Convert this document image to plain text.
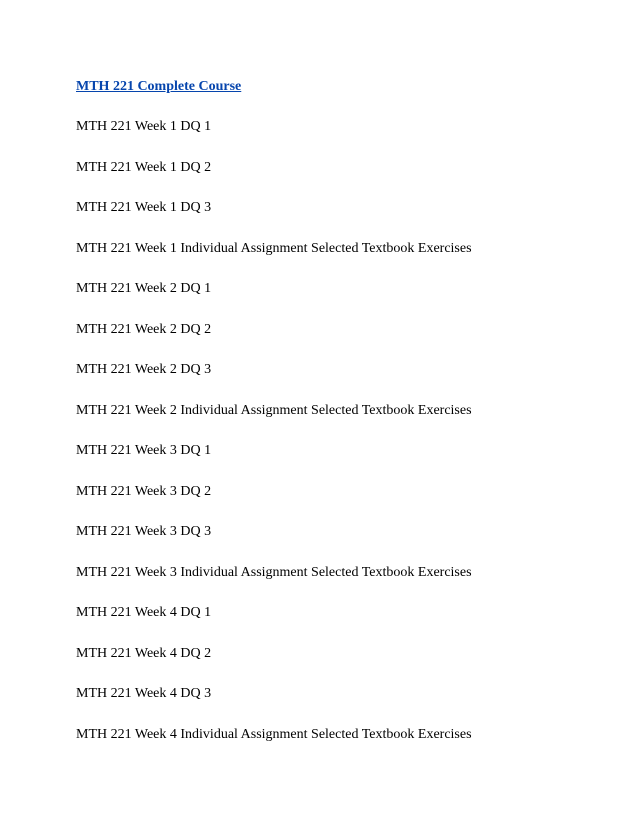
MTH 221 Complete Course
MTH 221 Week 1 DQ 1
MTH 221 Week 1 DQ 2
MTH 221 Week 1 DQ 3
MTH 221 Week 1 Individual Assignment Selected Textbook Exercises
MTH 221 Week 2 DQ 1
MTH 221 Week 2 DQ 2
MTH 221 Week 2 DQ 3
MTH 221 Week 2 Individual Assignment Selected Textbook Exercises
MTH 221 Week 3 DQ 1
MTH 221 Week 3 DQ 2
MTH 221 Week 3 DQ 3
MTH 221 Week 3 Individual Assignment Selected Textbook Exercises
MTH 221 Week 4 DQ 1
MTH 221 Week 4 DQ 2
MTH 221 Week 4 DQ 3
MTH 221 Week 4 Individual Assignment Selected Textbook Exercises
